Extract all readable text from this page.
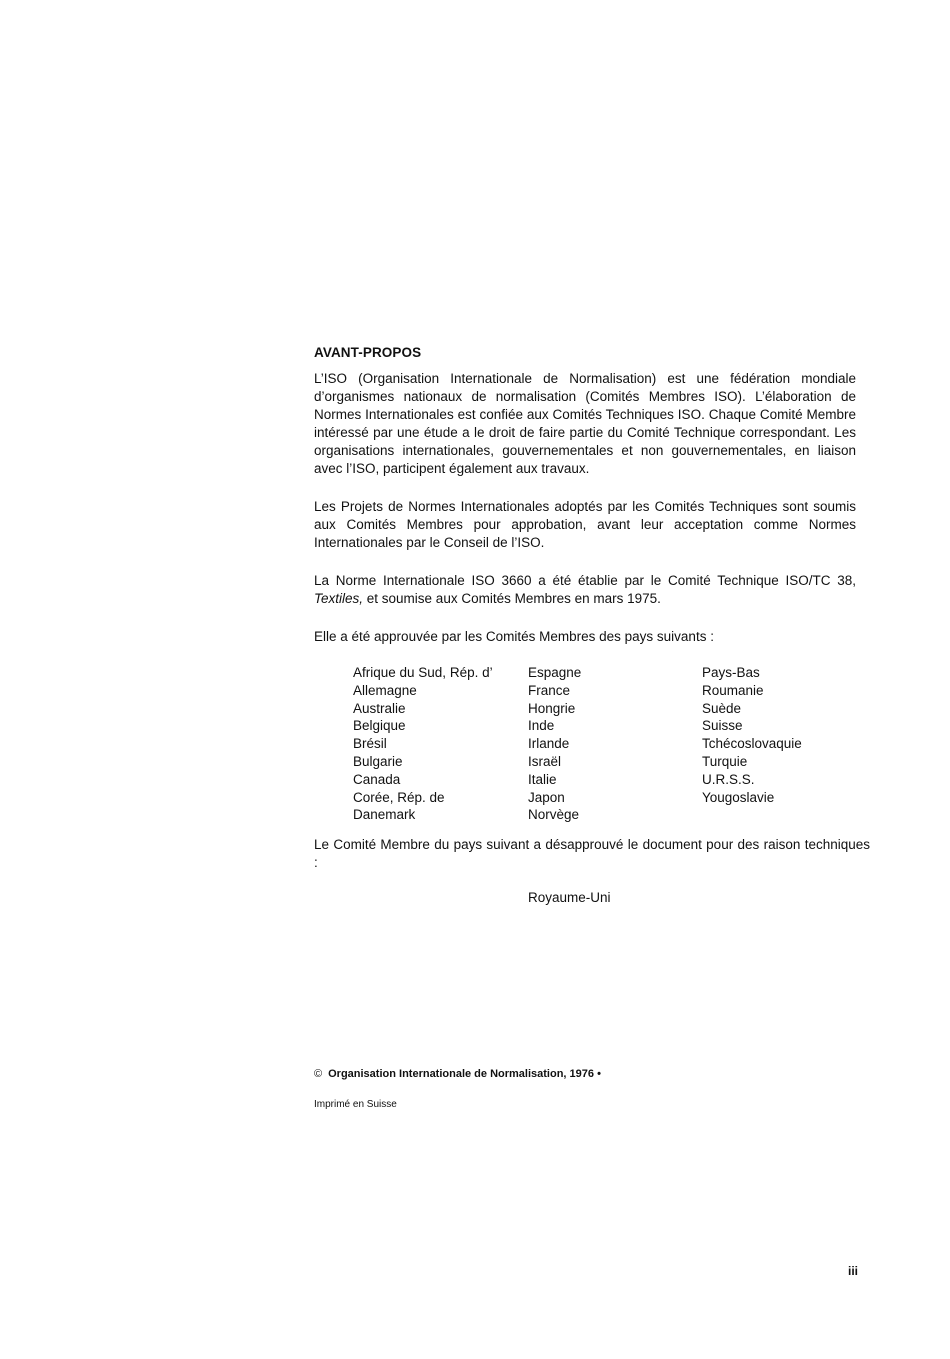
AVANT-PROPOS

L’ISO (Organisation Internationale de Normalisation) est une fédération mondiale d’organismes nationaux de normalisation (Comités Membres ISO). L’élaboration de Normes Internationales est confiée aux Comités Techniques ISO. Chaque Comité Membre intéressé par une étude a le droit de faire partie du Comité Technique correspondant. Les organisations internationales, gouvernementales et non gouvernementales, en liaison avec l’ISO, participent également aux travaux.

Les Projets de Normes Internationales adoptés par les Comités Techniques sont soumis aux Comités Membres pour approbation, avant leur acceptation comme Normes Internationales par le Conseil de l’ISO.

La Norme Internationale ISO 3660 a été établie par le Comité Technique ISO/TC 38, Textiles, et soumise aux Comités Membres en mars 1975.

Elle a été approuvée par les Comités Membres des pays suivants :

Afrique du Sud, Rép. d’
Allemagne
Australie
Belgique
Brésil
Bulgarie
Canada
Corée, Rép. de
Danemark
Espagne
France
Hongrie
Inde
Irlande
Israël
Italie
Japon
Norvège
Pays-Bas
Roumanie
Suède
Suisse
Tchécoslovaquie
Turquie
U.R.S.S.
Yougoslavie

Le Comité Membre du pays suivant a désapprouvé le document pour des raison techniques :

Royaume-Uni
© Organisation Internationale de Normalisation, 1976 •
Imprimé en Suisse
iii
